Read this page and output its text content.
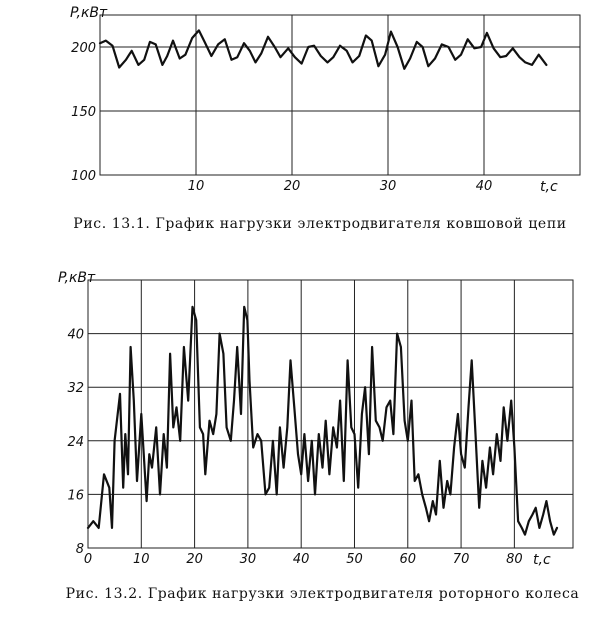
10	20	30	40
100
150
200
P,кВт
t,c
0	10	20	30	40	50	60	70	80
8
16
24
32
40
P,кВт
t,c
Рис. 13.1. График нагрузки электродвигателя ковшовой цепи
Рис. 13.2. График нагрузки электродвигателя роторного колеса
